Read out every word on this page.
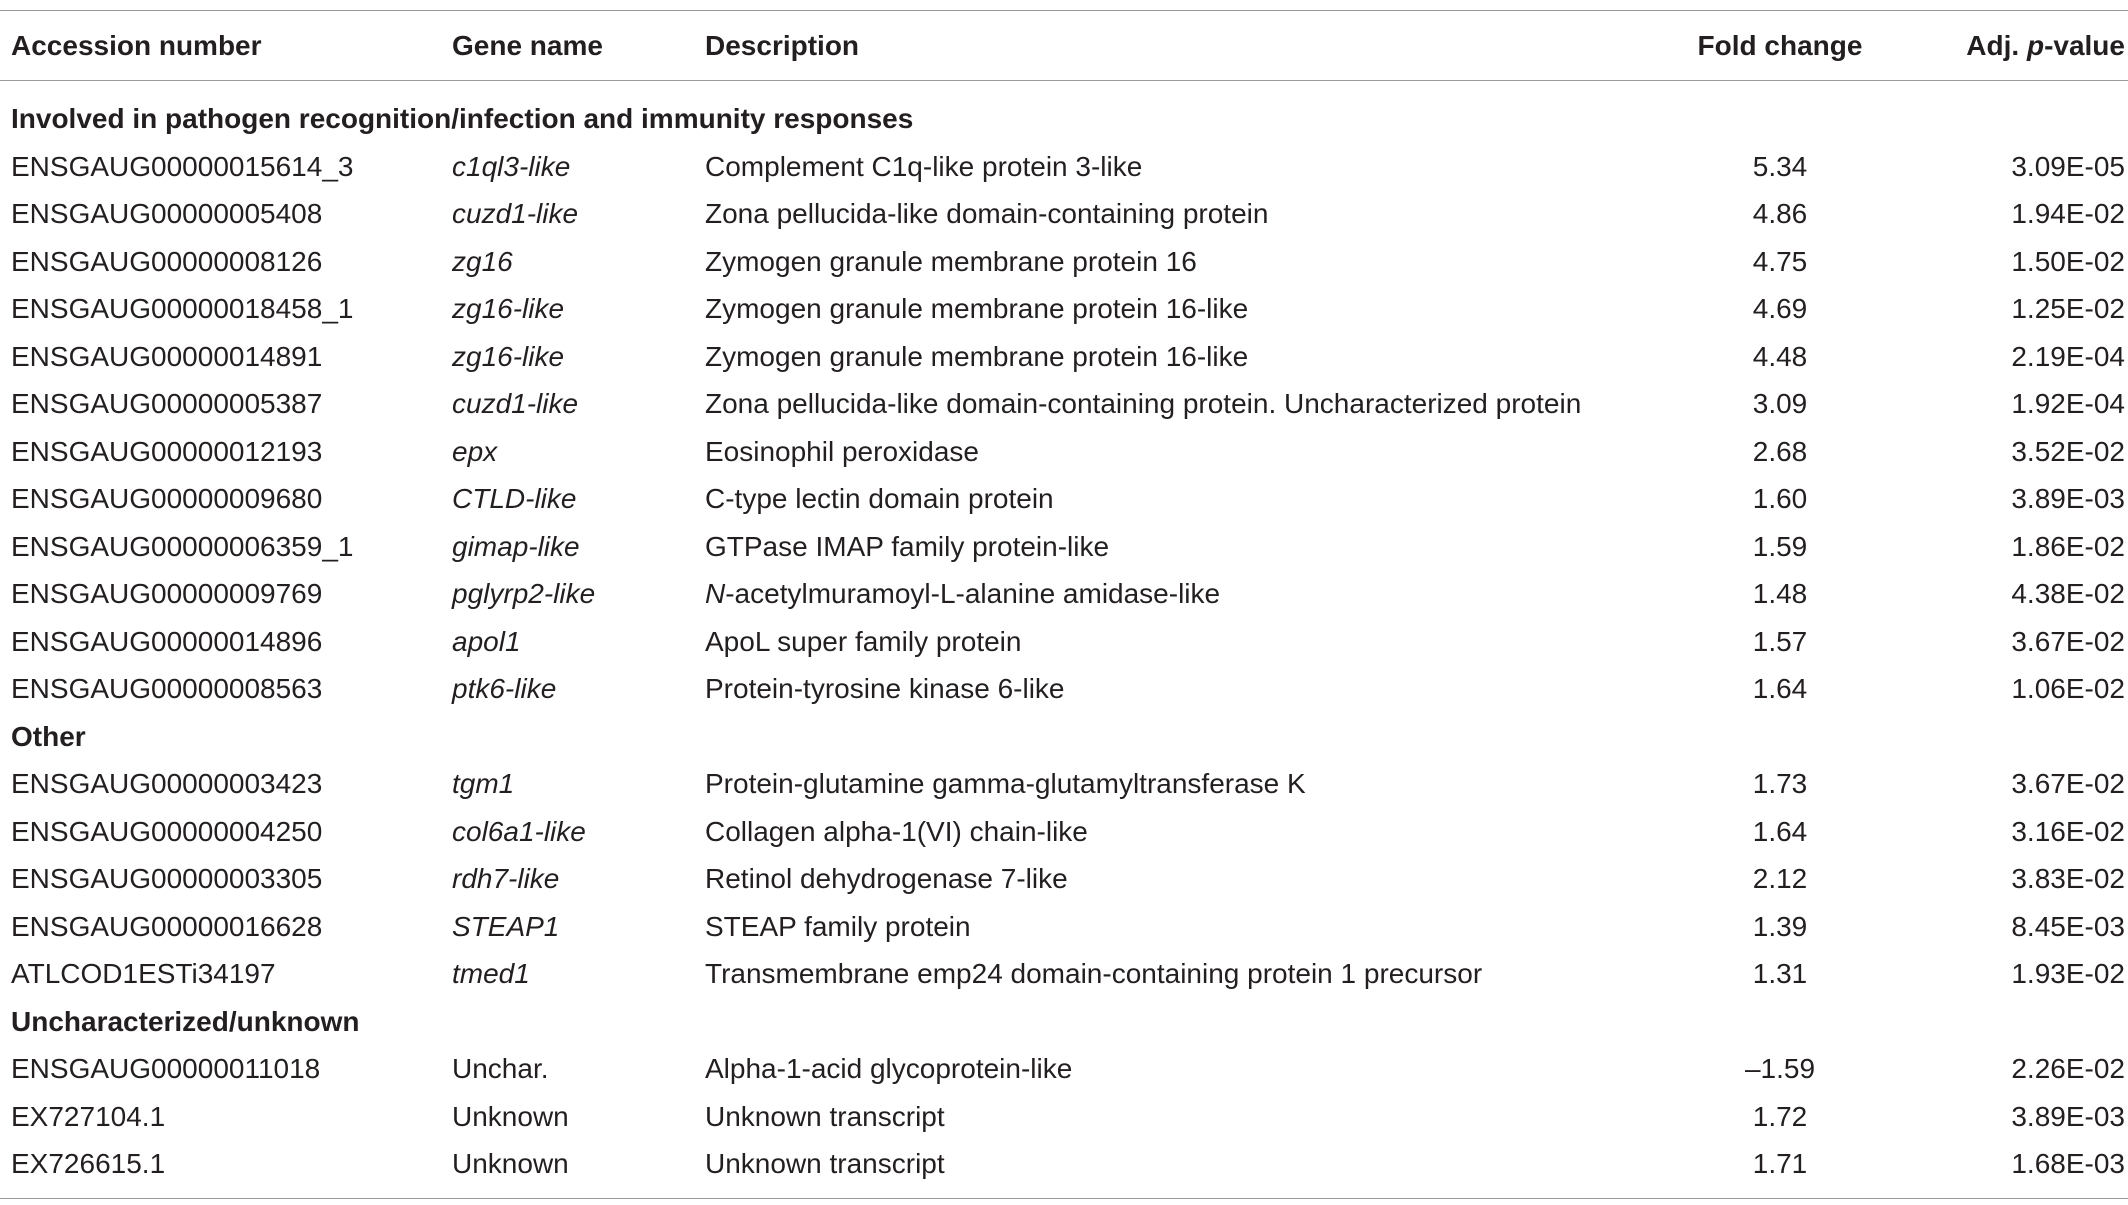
Accession number	Gene name	Description	Fold change	Adj. p-value
Involved in pathogen recognition/infection and immunity responses
ENSGAUG00000015614_3	c1ql3-like	Complement C1q-like protein 3-like	5.34	3.09E-05
ENSGAUG00000005408	cuzd1-like	Zona pellucida-like domain-containing protein	4.86	1.94E-02
ENSGAUG00000008126	zg16	Zymogen granule membrane protein 16	4.75	1.50E-02
ENSGAUG00000018458_1	zg16-like	Zymogen granule membrane protein 16-like	4.69	1.25E-02
ENSGAUG00000014891	zg16-like	Zymogen granule membrane protein 16-like	4.48	2.19E-04
ENSGAUG00000005387	cuzd1-like	Zona pellucida-like domain-containing protein. Uncharacterized protein	3.09	1.92E-04
ENSGAUG00000012193	epx	Eosinophil peroxidase	2.68	3.52E-02
ENSGAUG00000009680	CTLD-like	C-type lectin domain protein	1.60	3.89E-03
ENSGAUG00000006359_1	gimap-like	GTPase IMAP family protein-like	1.59	1.86E-02
ENSGAUG00000009769	pglyrp2-like	N-acetylmuramoyl-L-alanine amidase-like	1.48	4.38E-02
ENSGAUG00000014896	apol1	ApoL super family protein	1.57	3.67E-02
ENSGAUG00000008563	ptk6-like	Protein-tyrosine kinase 6-like	1.64	1.06E-02
Other
ENSGAUG00000003423	tgm1	Protein-glutamine gamma-glutamyltransferase K	1.73	3.67E-02
ENSGAUG00000004250	col6a1-like	Collagen alpha-1(VI) chain-like	1.64	3.16E-02
ENSGAUG00000003305	rdh7-like	Retinol dehydrogenase 7-like	2.12	3.83E-02
ENSGAUG00000016628	STEAP1	STEAP family protein	1.39	8.45E-03
ATLCOD1ESTi34197	tmed1	Transmembrane emp24 domain-containing protein 1 precursor	1.31	1.93E-02
Uncharacterized/unknown
ENSGAUG00000011018	Unchar.	Alpha-1-acid glycoprotein-like	–1.59	2.26E-02
EX727104.1	Unknown	Unknown transcript	1.72	3.89E-03
EX726615.1	Unknown	Unknown transcript	1.71	1.68E-03
